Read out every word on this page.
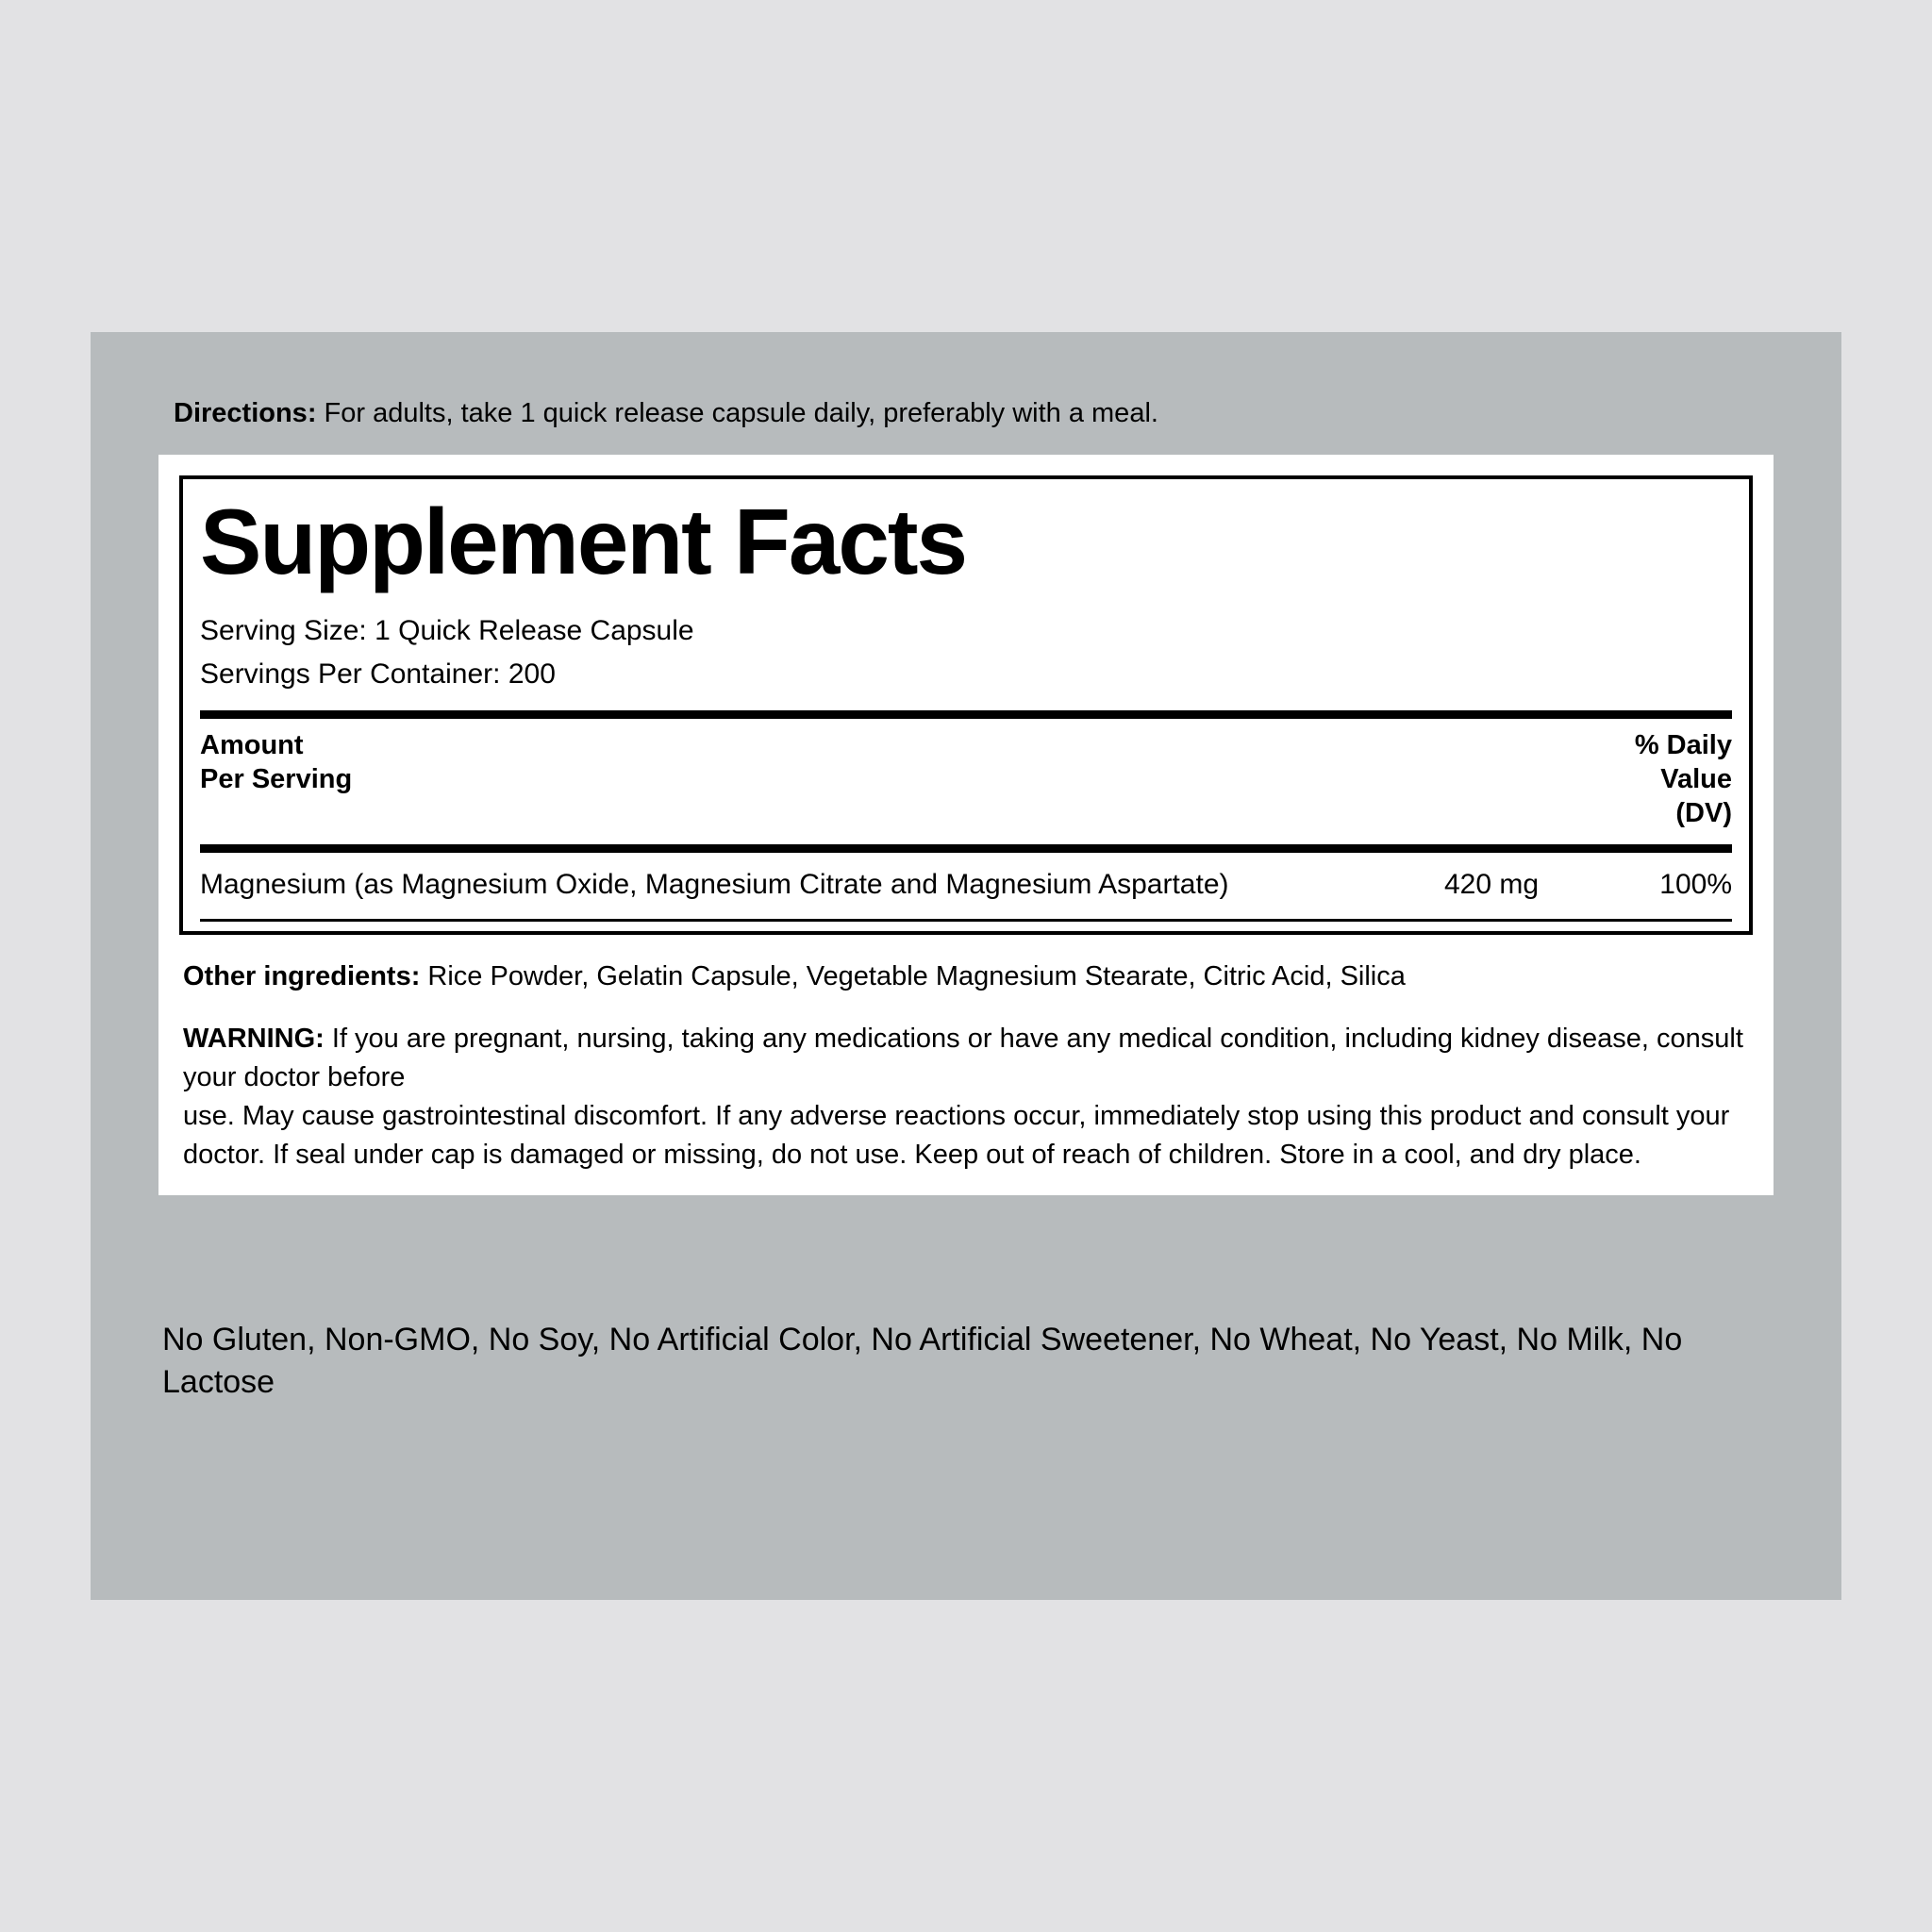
Directions: For adults, take 1 quick release capsule daily, preferably with a meal.
Supplement Facts
Serving Size: 1 Quick Release Capsule
Servings Per Container: 200
Amount
Per Serving
% Daily
Value
(DV)
Magnesium (as Magnesium Oxide, Magnesium Citrate and Magnesium Aspartate)	420 mg	100%
Other ingredients: Rice Powder, Gelatin Capsule, Vegetable Magnesium Stearate, Citric Acid, Silica
WARNING: If you are pregnant, nursing, taking any medications or have any medical condition, including kidney disease, consult your doctor before
use. May cause gastrointestinal discomfort. If any adverse reactions occur, immediately stop using this product and consult your doctor. If seal under cap is damaged or missing, do not use. Keep out of reach of children. Store in a cool, and dry place.
No Gluten, Non-GMO, No Soy, No Artificial Color, No Artificial Sweetener, No Wheat, No Yeast, No Milk, No Lactose
